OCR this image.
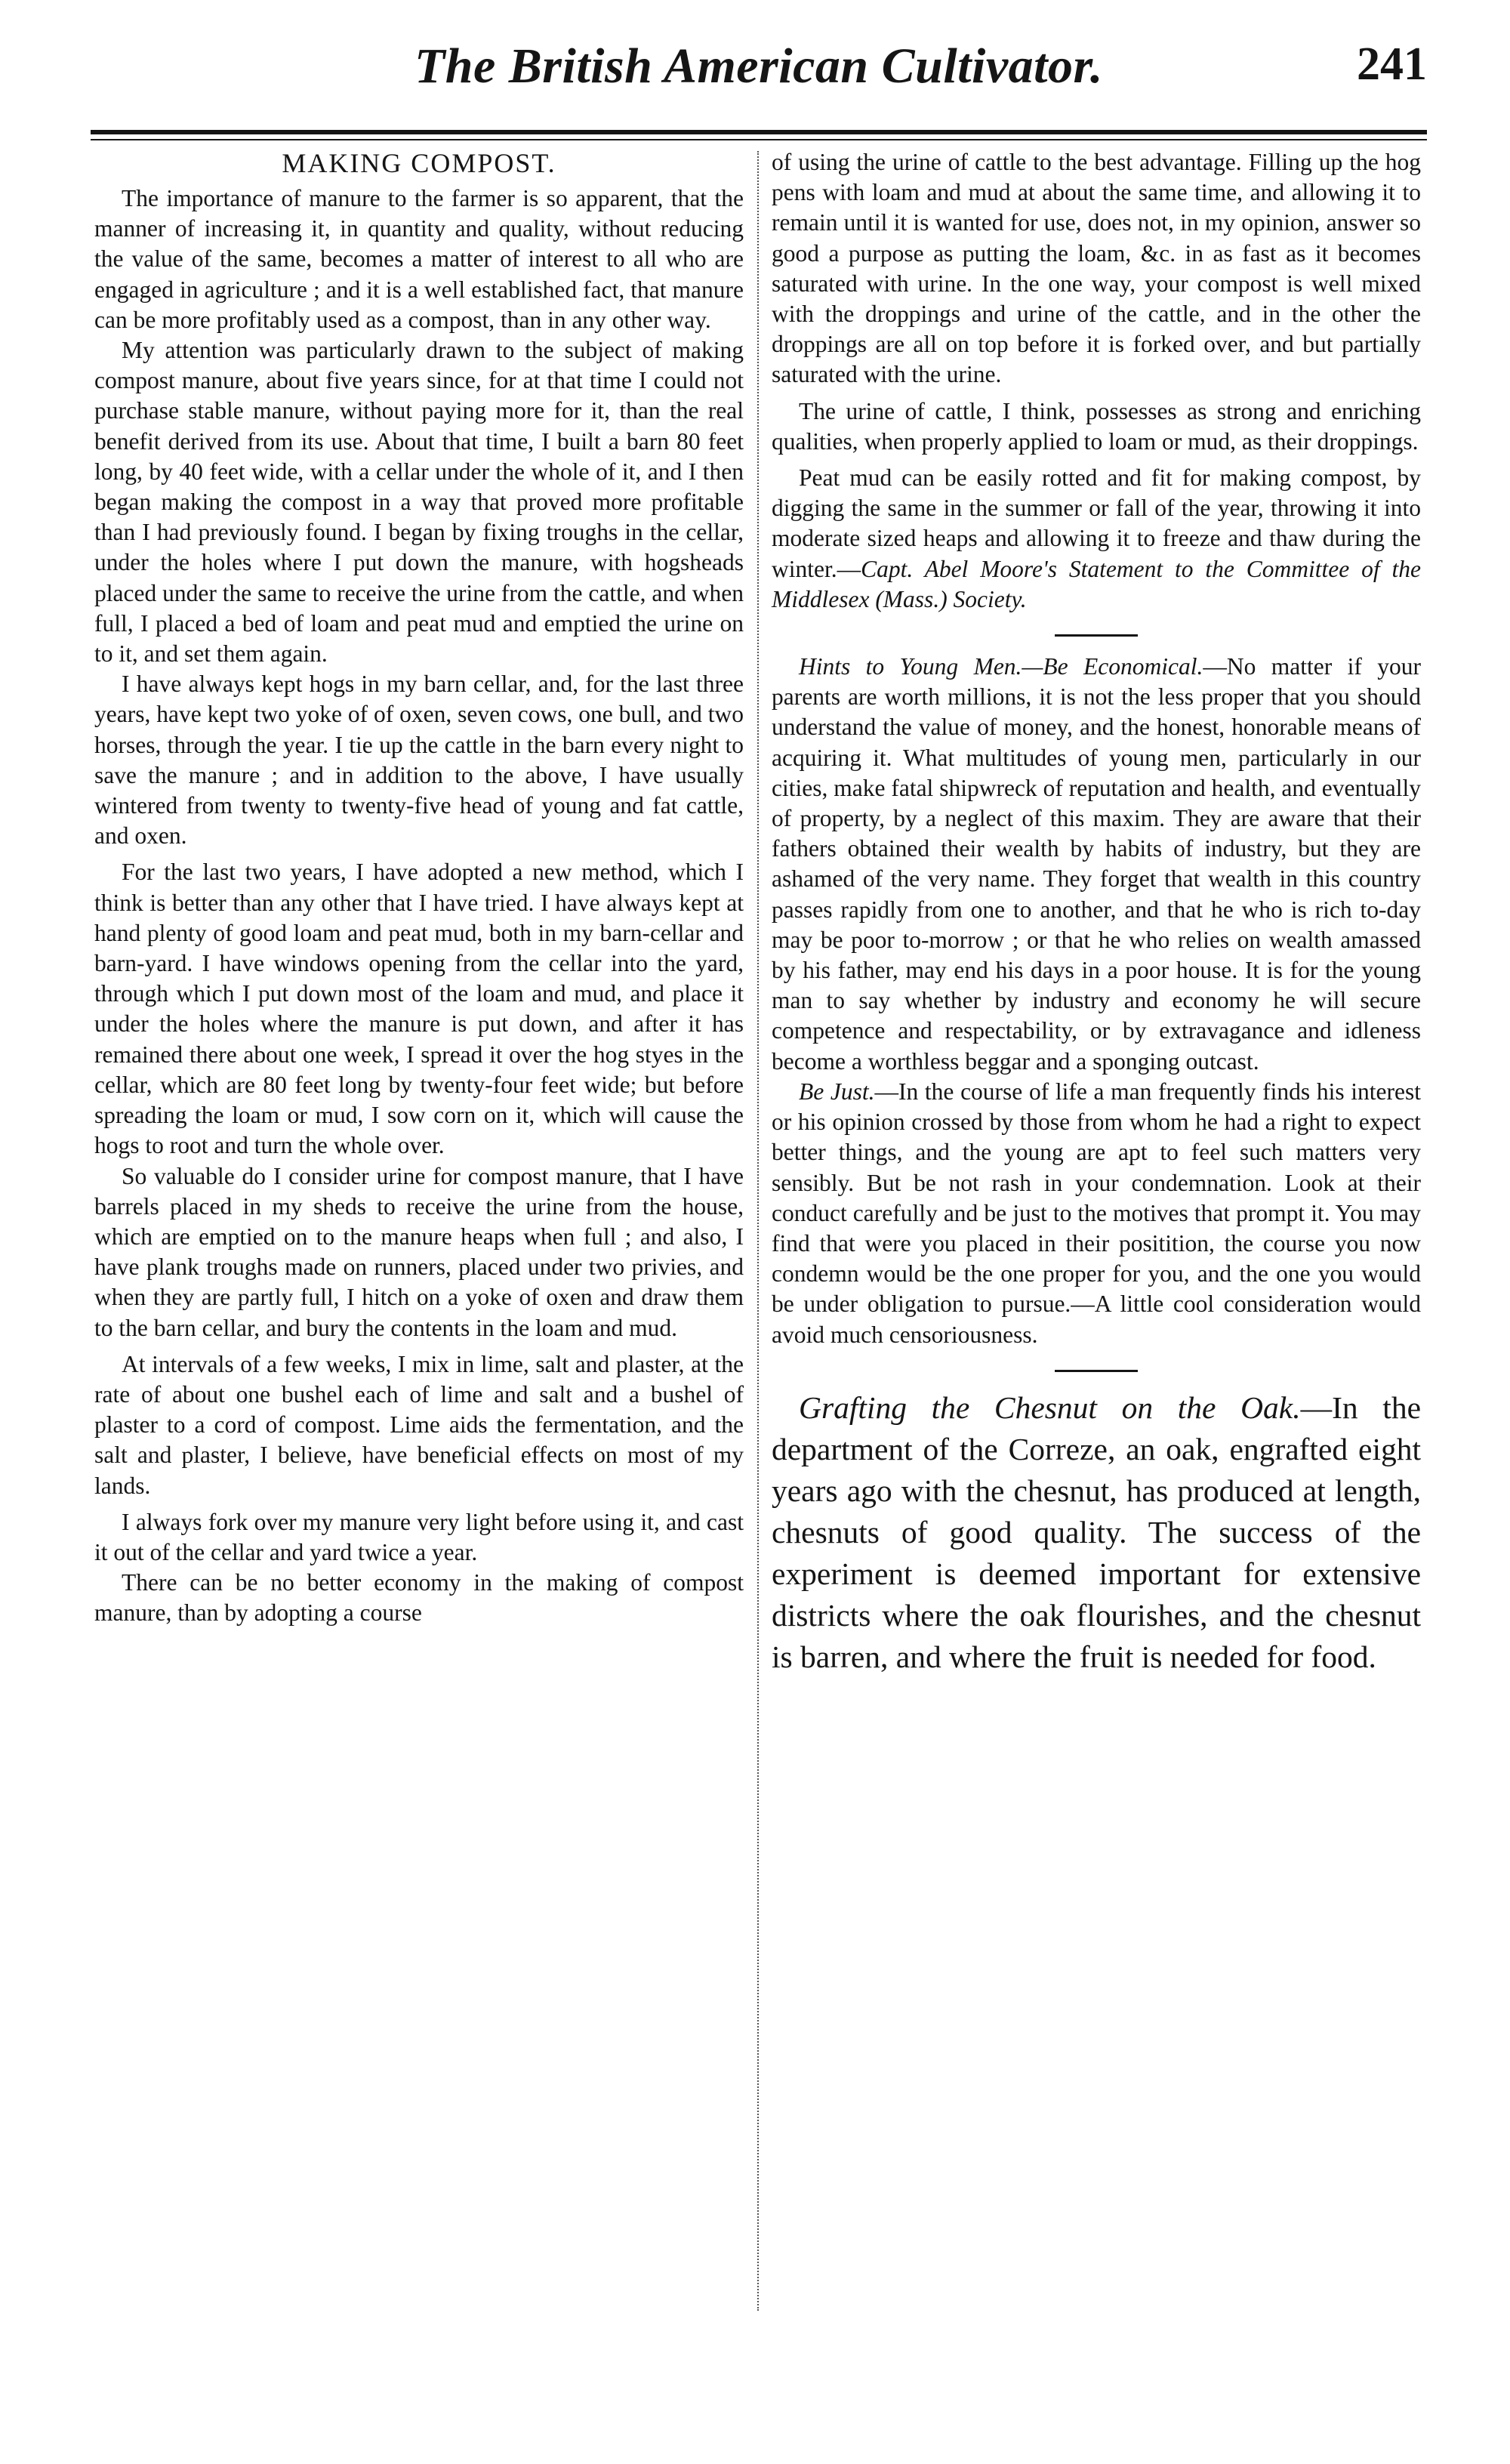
The British American Cultivator.	241
MAKING COMPOST.

The importance of manure to the farmer is so apparent, that the manner of increasing it, in quantity and quality, without reducing the value of the same, becomes a matter of interest to all who are engaged in agriculture ; and it is a well established fact, that manure can be more profitably used as a compost, than in any other way.

My attention was particularly drawn to the subject of making compost manure, about five years since, for at that time I could not purchase stable manure, without paying more for it, than the real benefit derived from its use. About that time, I built a barn 80 feet long, by 40 feet wide, with a cellar under the whole of it, and I then began making the compost in a way that proved more profitable than I had previously found. I began by fixing troughs in the cellar, under the holes where I put down the manure, with hogsheads placed under the same to receive the urine from the cattle, and when full, I placed a bed of loam and peat mud and emptied the urine on to it, and set them again.

I have always kept hogs in my barn cellar, and, for the last three years, have kept two yoke of of oxen, seven cows, one bull, and two horses, through the year. I tie up the cattle in the barn every night to save the manure ; and in addition to the above, I have usually wintered from twenty to twenty-five head of young and fat cattle, and oxen.

For the last two years, I have adopted a new method, which I think is better than any other that I have tried. I have always kept at hand plenty of good loam and peat mud, both in my barn-cellar and barn-yard. I have windows opening from the cellar into the yard, through which I put down most of the loam and mud, and place it under the holes where the manure is put down, and after it has remained there about one week, I spread it over the hog styes in the cellar, which are 80 feet long by twenty-four feet wide; but before spreading the loam or mud, I sow corn on it, which will cause the hogs to root and turn the whole over.

So valuable do I consider urine for compost manure, that I have barrels placed in my sheds to receive the urine from the house, which are emptied on to the manure heaps when full ; and also, I have plank troughs made on runners, placed under two privies, and when they are partly full, I hitch on a yoke of oxen and draw them to the barn cellar, and bury the contents in the loam and mud.

At intervals of a few weeks, I mix in lime, salt and plaster, at the rate of about one bushel each of lime and salt and a bushel of plaster to a cord of compost. Lime aids the fermentation, and the salt and plaster, I believe, have beneficial effects on most of my lands.

I always fork over my manure very light before using it, and cast it out of the cellar and yard twice a year.

There can be no better economy in the making of compost manure, than by adopting a course

of using the urine of cattle to the best advantage. Filling up the hog pens with loam and mud at about the same time, and allowing it to remain until it is wanted for use, does not, in my opinion, answer so good a purpose as putting the loam, &c. in as fast as it becomes saturated with urine. In the one way, your compost is well mixed with the droppings and urine of the cattle, and in the other the droppings are all on top before it is forked over, and but partially saturated with the urine.

The urine of cattle, I think, possesses as strong and enriching qualities, when properly applied to loam or mud, as their droppings.

Peat mud can be easily rotted and fit for making compost, by digging the same in the summer or fall of the year, throwing it into moderate sized heaps and allowing it to freeze and thaw during the winter.—Capt. Abel Moore's Statement to the Committee of the Middlesex (Mass.) Society.

Hints to Young Men.—Be Economical.—No matter if your parents are worth millions, it is not the less proper that you should understand the value of money, and the honest, honorable means of acquiring it. What multitudes of young men, particularly in our cities, make fatal shipwreck of reputation and health, and eventually of property, by a neglect of this maxim. They are aware that their fathers obtained their wealth by habits of industry, but they are ashamed of the very name. They forget that wealth in this country passes rapidly from one to another, and that he who is rich to-day may be poor to-morrow ; or that he who relies on wealth amassed by his father, may end his days in a poor house. It is for the young man to say whether by industry and economy he will secure competence and respectability, or by extravagance and idleness become a worthless beggar and a sponging outcast.

Be Just.—In the course of life a man frequently finds his interest or his opinion crossed by those from whom he had a right to expect better things, and the young are apt to feel such matters very sensibly. But be not rash in your condemnation. Look at their conduct carefully and be just to the motives that prompt it. You may find that were you placed in their positition, the course you now condemn would be the one proper for you, and the one you would be under obligation to pursue.—A little cool consideration would avoid much censoriousness.

Grafting the Chesnut on the Oak.—In the department of the Correze, an oak, engrafted eight years ago with the chesnut, has produced at length, chesnuts of good quality. The success of the experiment is deemed important for extensive districts where the oak flourishes, and the chesnut is barren, and where the fruit is needed for food.
